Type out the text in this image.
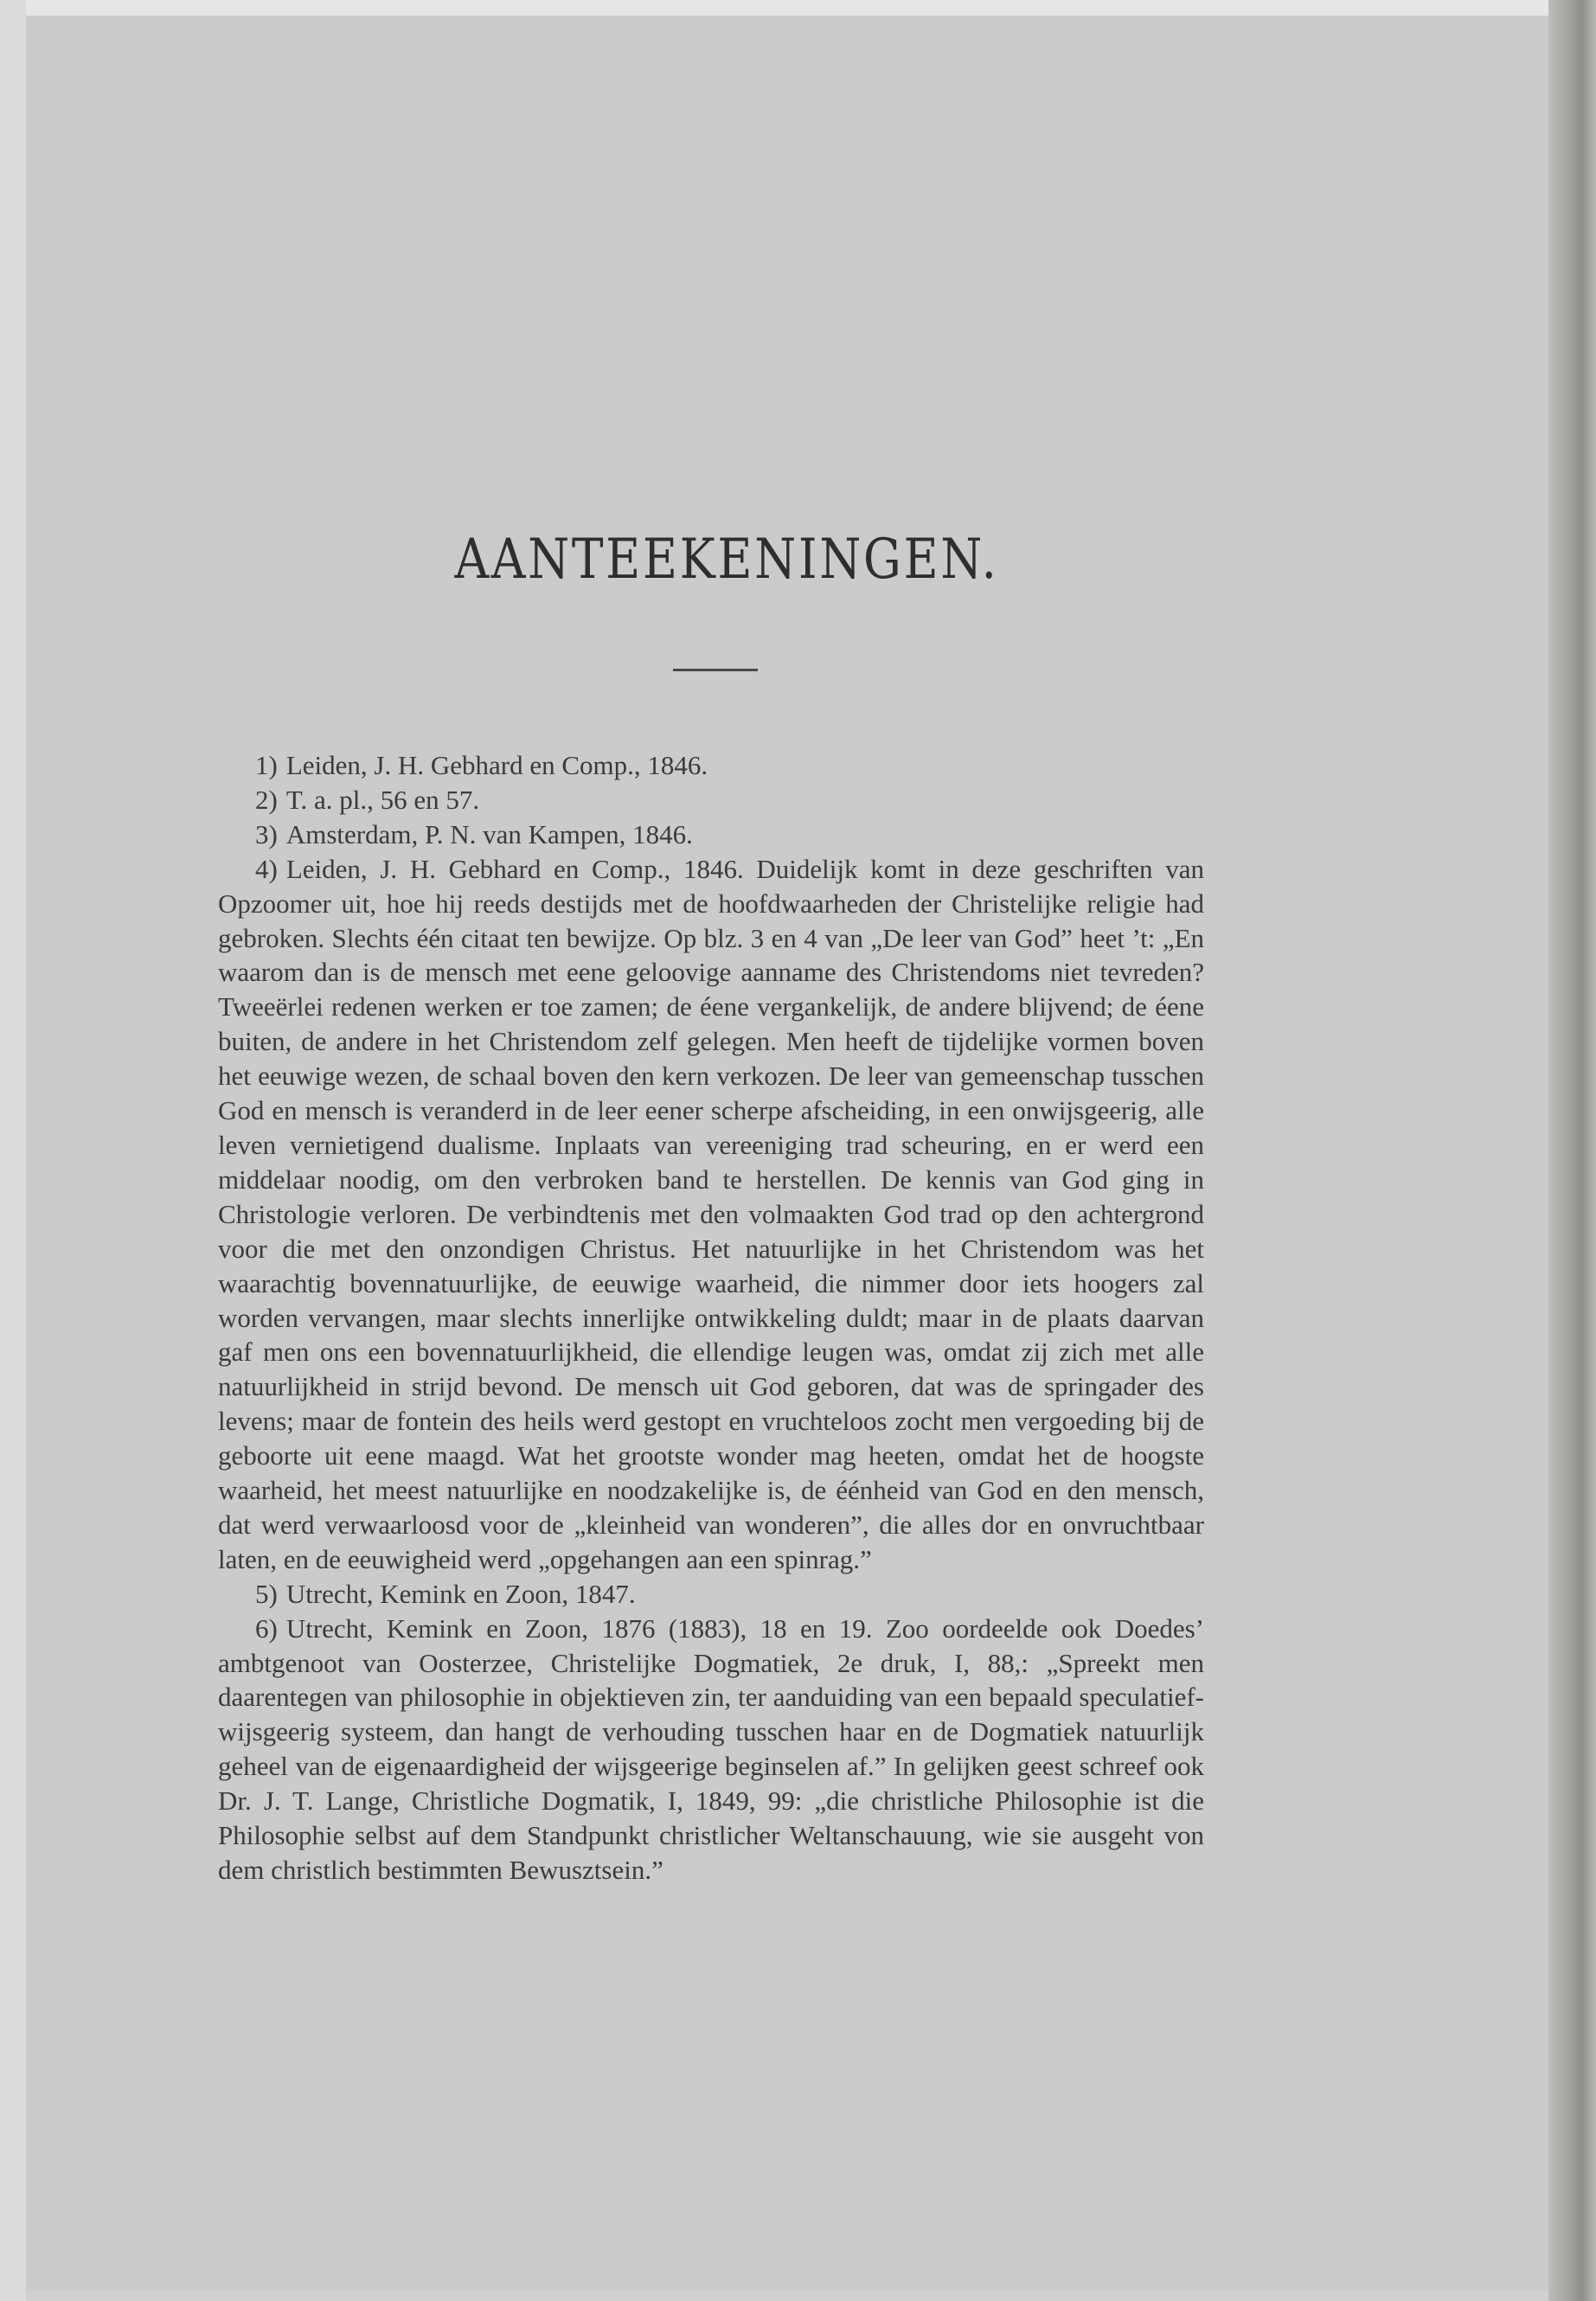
AANTEEKENINGEN.

1) Leiden, J. H. Gebhard en Comp., 1846.

2) T. a. pl., 56 en 57.

3) Amsterdam, P. N. van Kampen, 1846.

4) Leiden, J. H. Gebhard en Comp., 1846. Duidelijk komt in deze geschriften van Opzoomer uit, hoe hij reeds destijds met de hoofdwaarheden der Christelijke religie had gebroken. Slechts één citaat ten bewijze. Op blz. 3 en 4 van „De leer van God” heet ’t: „En waarom dan is de mensch met eene geloovige aanname des Christendoms niet tevreden? Tweeërlei redenen werken er toe zamen; de éene vergankelijk, de andere blijvend; de éene buiten, de andere in het Christendom zelf gelegen. Men heeft de tijdelijke vormen boven het eeuwige wezen, de schaal boven den kern verkozen. De leer van gemeenschap tusschen God en mensch is veranderd in de leer eener scherpe afscheiding, in een onwijsgeerig, alle leven vernietigend dualisme. Inplaats van vereeniging trad scheuring, en er werd een middelaar noodig, om den verbroken band te herstellen. De kennis van God ging in Christologie verloren. De verbindtenis met den volmaakten God trad op den achtergrond voor die met den onzondigen Christus. Het natuurlijke in het Christendom was het waarachtig bovennatuurlijke, de eeuwige waarheid, die nimmer door iets hoogers zal worden vervangen, maar slechts innerlijke ontwikkeling duldt; maar in de plaats daarvan gaf men ons een bovennatuurlijkheid, die ellendige leugen was, omdat zij zich met alle natuurlijkheid in strijd bevond. De mensch uit God geboren, dat was de springader des levens; maar de fontein des heils werd gestopt en vruchteloos zocht men vergoeding bij de geboorte uit eene maagd. Wat het grootste wonder mag heeten, omdat het de hoogste waarheid, het meest natuurlijke en noodzakelijke is, de éénheid van God en den mensch, dat werd verwaarloosd voor de „kleinheid van wonderen”, die alles dor en onvruchtbaar laten, en de eeuwigheid werd „opgehangen aan een spinrag.”

5) Utrecht, Kemink en Zoon, 1847.

6) Utrecht, Kemink en Zoon, 1876 (1883), 18 en 19. Zoo oordeelde ook Doedes’ ambtgenoot van Oosterzee, Christelijke Dogmatiek, 2e druk, I, 88,: „Spreekt men daarentegen van philosophie in objektieven zin, ter aanduiding van een bepaald speculatief-wijsgeerig systeem, dan hangt de verhouding tusschen haar en de Dogmatiek natuurlijk geheel van de eigenaardigheid der wijsgeerige beginselen af.” In gelijken geest schreef ook Dr. J. T. Lange, Christliche Dogmatik, I, 1849, 99: „die christliche Philosophie ist die Philosophie selbst auf dem Standpunkt christlicher Weltanschauung, wie sie ausgeht von dem christlich bestimmten Bewusztsein.”
